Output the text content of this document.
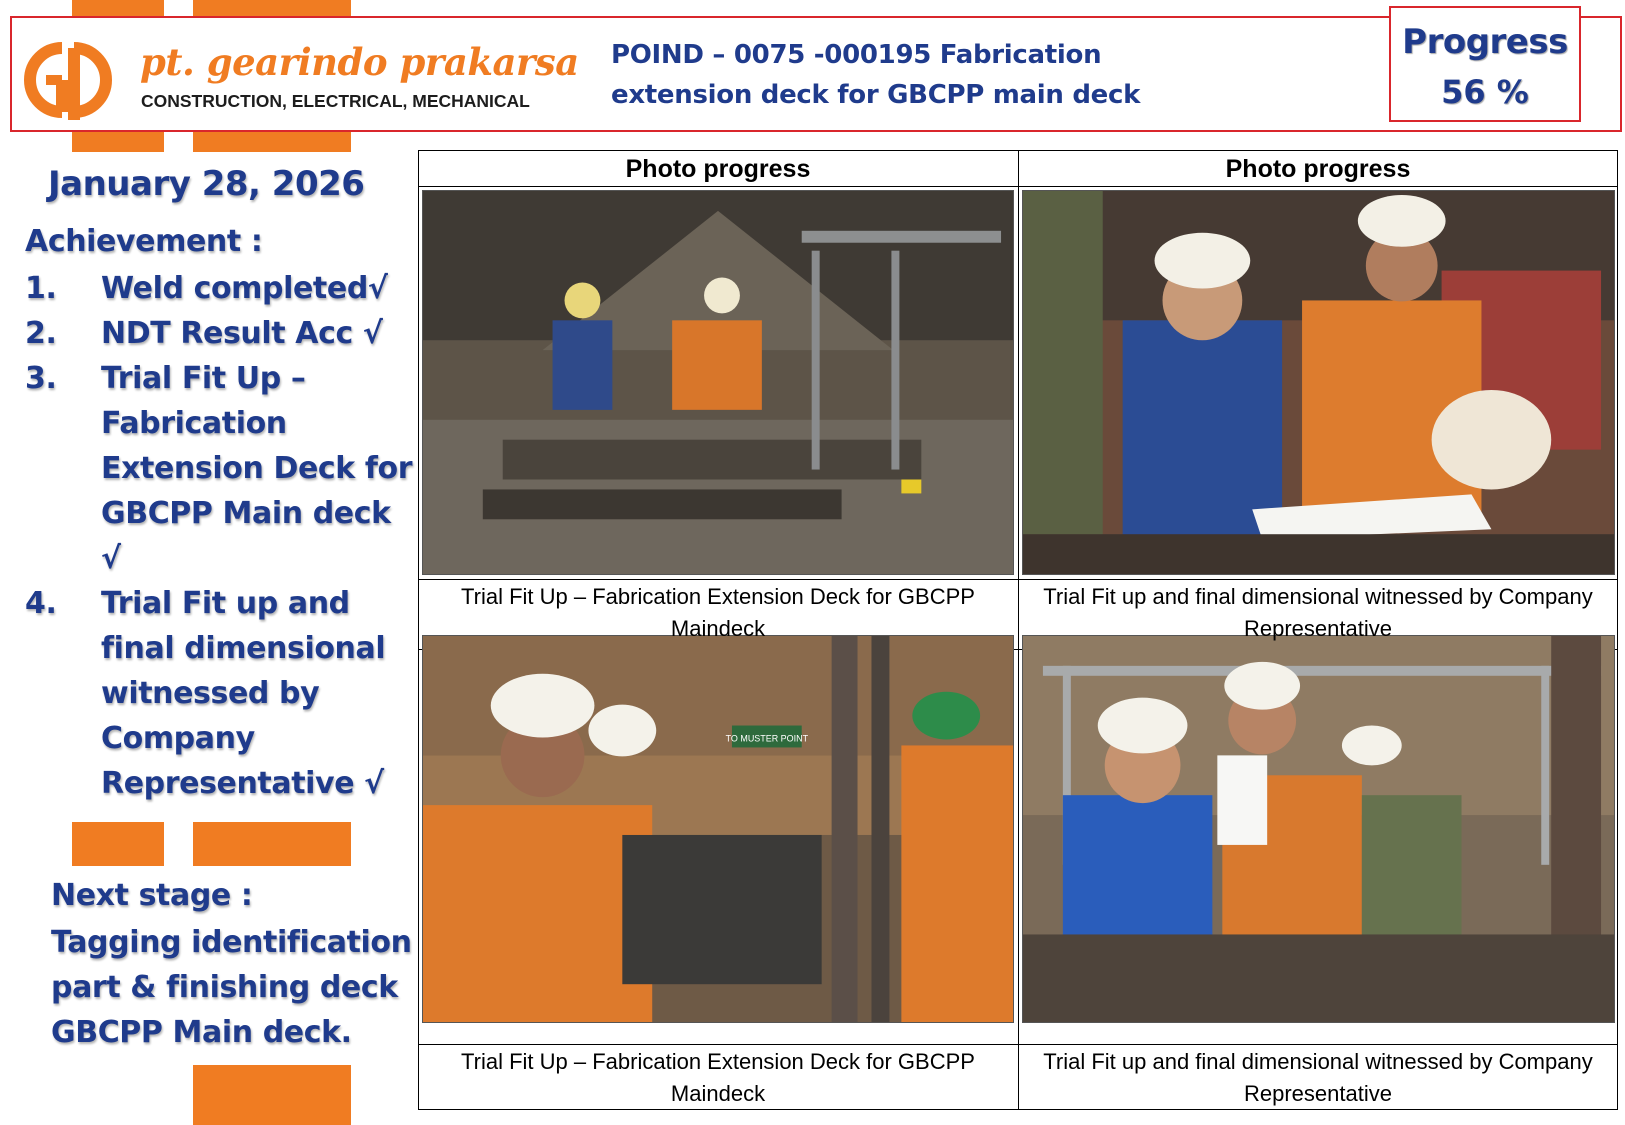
pt. gearindo prakarsa
CONSTRUCTION, ELECTRICAL, MECHANICAL
POIND – 0075 -000195 Fabrication
extension deck for GBCPP main deck
Progress
56 %
January 28, 2026
Achievement :
1. Weld completed√
2. NDT Result Acc √
3. Trial Fit Up – Fabrication Extension Deck for GBCPP Main deck √
4. Trial Fit up and final dimensional witnessed by Company Representative √
Next stage :
Tagging identification part & finishing deck GBCPP Main deck.
Photo progress	Photo progress
TO MUSTER POINT
Trial Fit Up – Fabrication Extension Deck for GBCPP Maindeck
Trial Fit up and final dimensional witnessed by Company Representative
Trial Fit Up – Fabrication Extension Deck for GBCPP Maindeck
Trial Fit up and final dimensional witnessed by Company Representative
